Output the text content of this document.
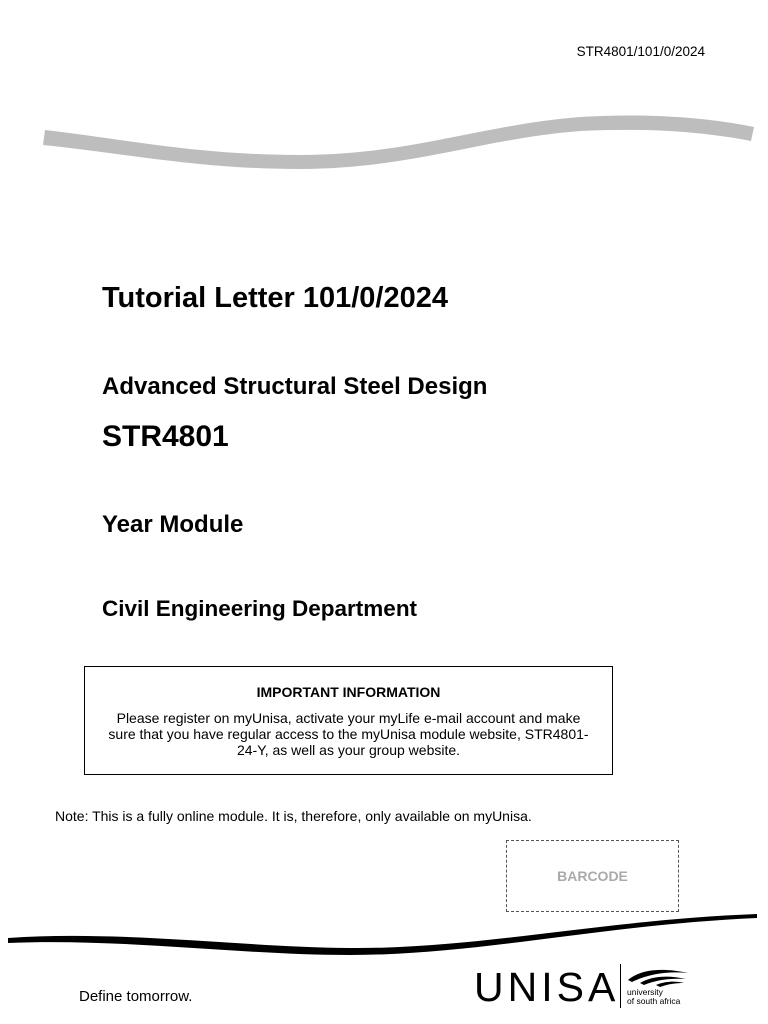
STR4801/101/0/2024
Tutorial Letter 101/0/2024
Advanced Structural Steel Design
STR4801
Year Module
Civil Engineering Department
IMPORTANT INFORMATION
Please register on myUnisa, activate your myLife e-mail account and make sure that you have regular access to the myUnisa module website, STR4801-24-Y, as well as your group website.
Note: This is a fully online module. It is, therefore, only available on myUnisa.
BARCODE
Define tomorrow.	UNISA university
of south africa
